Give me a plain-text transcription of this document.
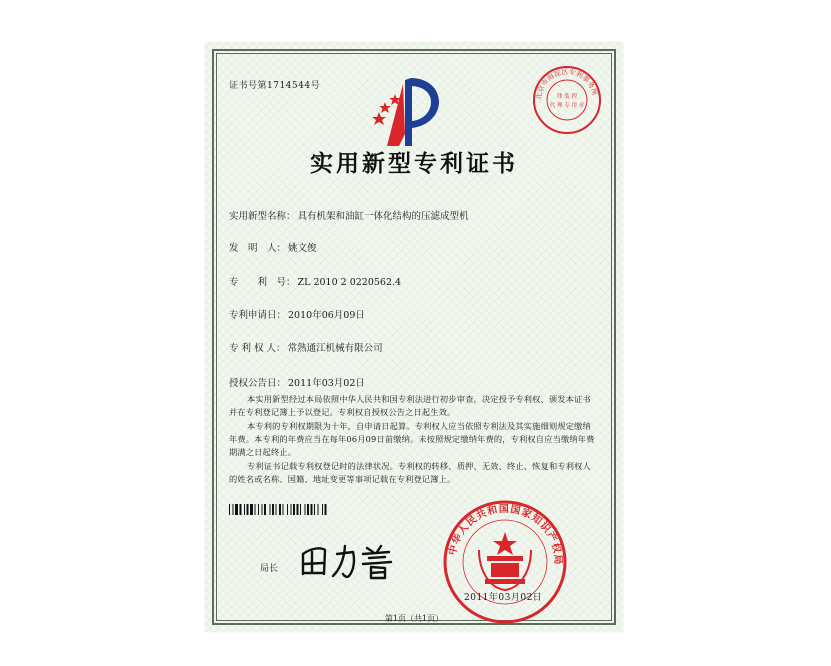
证书号第1714544号
北京市海淀区专利事务所
律 装 程
代 理 专 用 章
实用新型专利证书
实用新型名称： 具有机架和油缸一体化结构的压滤成型机
发　明　人： 姚文俊
专　　利　号： ZL 2010 2 0220562.4
专利申请日： 2010年06月09日
专 利 权 人： 常熟通江机械有限公司
授权公告日： 2011年03月02日
本实用新型经过本局依照中华人民共和国专利法进行初步审查，决定授予专利权，颁发本证书并在专利登记簿上予以登记。专利权自授权公告之日起生效。
本专利的专利权期限为十年，自申请日起算。专利权人应当依照专利法及其实施细则规定缴纳年费。本专利的年费应当在每年06月09日前缴纳。未按照规定缴纳年费的，专利权自应当缴纳年费期满之日起终止。
专利证书记载专利权登记时的法律状况。专利权的转移、质押、无效、终止、恢复和专利权人的姓名或名称、国籍、地址变更等事项记载在专利登记簿上。
局长
中华人民共和国国家知识产权局
2011年03月02日
第1页（共1页）
